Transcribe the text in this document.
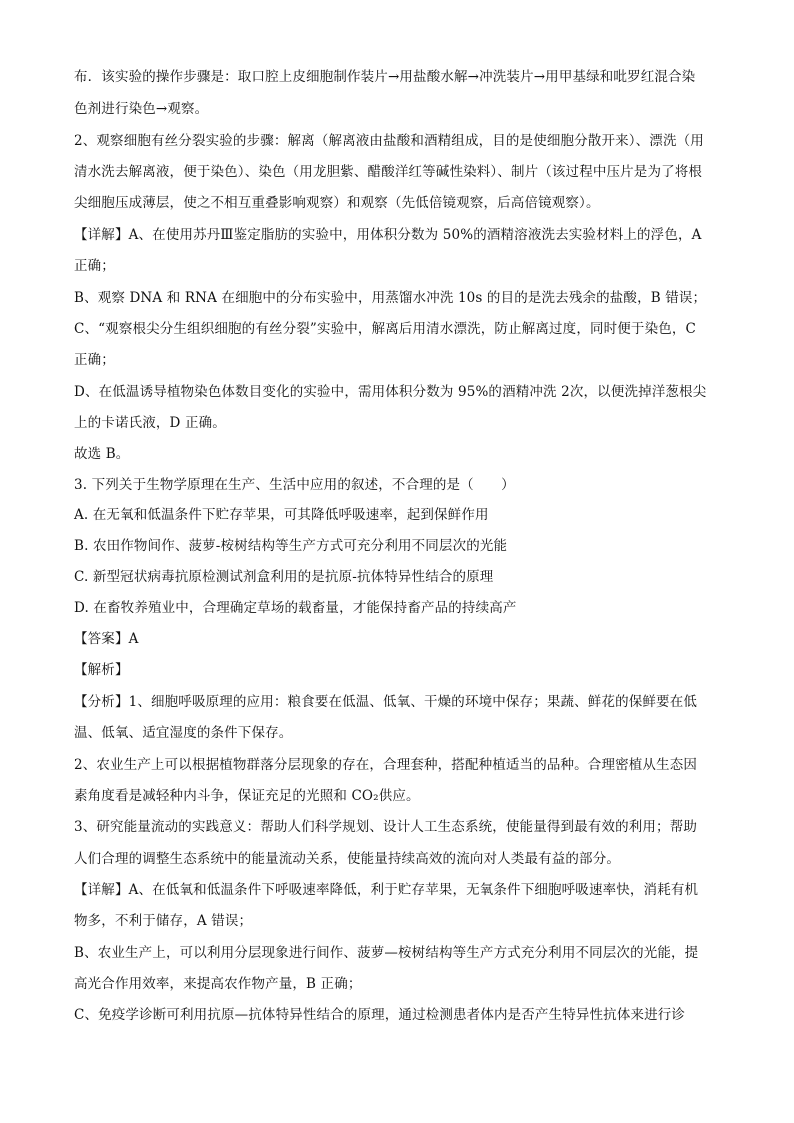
布．该实验的操作步骤是：取口腔上皮细胞制作装片→用盐酸水解→冲洗装片→用甲基绿和吡罗红混合染
色剂进行染色→观察。
2、观察细胞有丝分裂实验的步骤：解离（解离液由盐酸和酒精组成，目的是使细胞分散开来）、漂洗（用
清水洗去解离液，便于染色）、染色（用龙胆紫、醋酸洋红等碱性染料）、制片（该过程中压片是为了将根
尖细胞压成薄层，使之不相互重叠影响观察）和观察（先低倍镜观察，后高倍镜观察）。
【详解】A、在使用苏丹Ⅲ鉴定脂肪的实验中，用体积分数为 50%的酒精溶液洗去实验材料上的浮色，A
正确；
B、观察 DNA 和 RNA 在细胞中的分布实验中，用蒸馏水冲洗 10s 的目的是洗去残余的盐酸，B 错误；
C、“观察根尖分生组织细胞的有丝分裂”实验中，解离后用清水漂洗，防止解离过度，同时便于染色，C
正确；
D、在低温诱导植物染色体数目变化的实验中，需用体积分数为 95%的酒精冲洗 2次，以便洗掉洋葱根尖
上的卡诺氏液，D 正确。
故选 B。
3. 下列关于生物学原理在生产、生活中应用的叙述，不合理的是（　　）
A. 在无氧和低温条件下贮存苹果，可其降低呼吸速率，起到保鲜作用
B. 农田作物间作、菠萝-桉树结构等生产方式可充分利用不同层次的光能
C. 新型冠状病毒抗原检测试剂盒利用的是抗原-抗体特异性结合的原理
D. 在畜牧养殖业中，合理确定草场的载畜量，才能保持畜产品的持续高产
【答案】A
【解析】
【分析】1、细胞呼吸原理的应用：粮食要在低温、低氧、干燥的环境中保存；果蔬、鲜花的保鲜要在低
温、低氧、适宜湿度的条件下保存。
2、农业生产上可以根据植物群落分层现象的存在，合理套种，搭配种植适当的品种。合理密植从生态因
素角度看是减轻种内斗争，保证充足的光照和 CO₂供应。
3、研究能量流动的实践意义：帮助人们科学规划、设计人工生态系统，使能量得到最有效的利用；帮助
人们合理的调整生态系统中的能量流动关系，使能量持续高效的流向对人类最有益的部分。
【详解】A、在低氧和低温条件下呼吸速率降低，利于贮存苹果，无氧条件下细胞呼吸速率快，消耗有机
物多，不利于储存，A 错误；
B、农业生产上，可以利用分层现象进行间作、菠萝—桉树结构等生产方式充分利用不同层次的光能，提
高光合作用效率，来提高农作物产量，B 正确；
C、免疫学诊断可利用抗原—抗体特异性结合的原理，通过检测患者体内是否产生特异性抗体来进行诊
